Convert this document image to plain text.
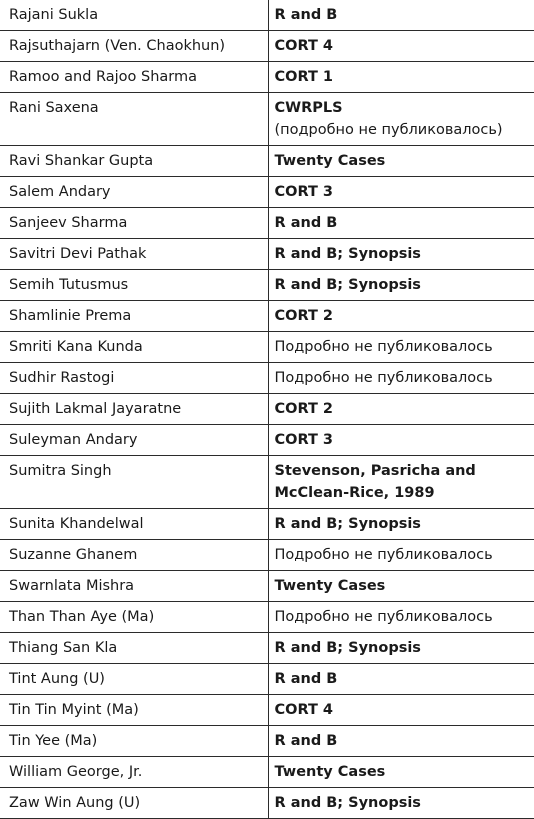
Rajani Sukla	R and B
Rajsuthajarn (Ven. Chaokhun)	CORT 4
Ramoo and Rajoo Sharma	CORT 1
Rani Saxena	CWRPLS
(подробно не публиковалось)

Ravi Shankar Gupta	Twenty Cases
Salem Andary	CORT 3
Sanjeev Sharma	R and B
Savitri Devi Pathak	R and B; Synopsis
Semih Tutusmus	R and B; Synopsis
Shamlinie Prema	CORT 2
Smriti Kana Kunda	Подробно не публиковалось
Sudhir Rastogi	Подробно не публиковалось
Sujith Lakmal Jayaratne	CORT 2
Suleyman Andary	CORT 3
Sumitra Singh	Stevenson, Pasricha and
McClean-Rice, 1989

Sunita Khandelwal	R and B; Synopsis
Suzanne Ghanem	Подробно не публиковалось
Swarnlata Mishra	Twenty Cases
Than Than Aye (Ma)	Подробно не публиковалось
Thiang San Kla	R and B; Synopsis
Tint Aung (U)	R and B
Tin Tin Myint (Ma)	CORT 4
Tin Yee (Ma)	R and B
William George, Jr.	Twenty Cases
Zaw Win Aung (U)	R and B; Synopsis
